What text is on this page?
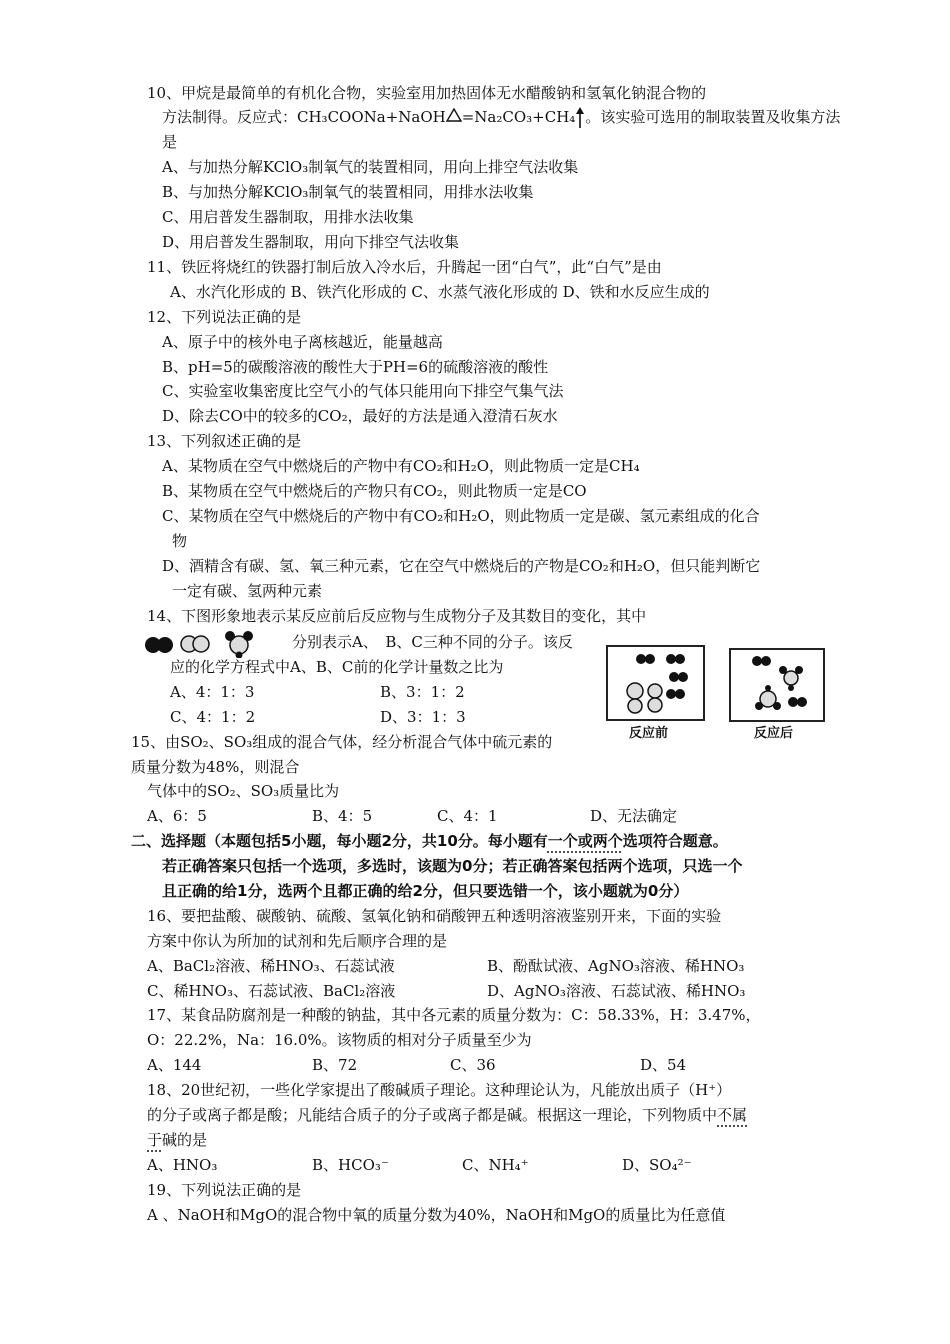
10、甲烷是最简单的有机化合物，实验室用加热固体无水醋酸钠和氢氧化钠混合物的
方法制得。反应式：CH₃COONa+NaOH =Na₂CO₃+CH₄ 。该实验可选用的制取装置及收集方法
是
A、与加热分解KClO₃制氧气的装置相同，用向上排空气法收集
B、与加热分解KClO₃制氧气的装置相同，用排水法收集
C、用启普发生器制取，用排水法收集
D、用启普发生器制取，用向下排空气法收集
11、铁匠将烧红的铁器打制后放入冷水后，升腾起一团“白气”，此“白气”是由
A、水汽化形成的 B、铁汽化形成的 C、水蒸气液化形成的 D、铁和水反应生成的
12、下列说法正确的是
A、原子中的核外电子离核越近，能量越高
B、pH=5的碳酸溶液的酸性大于PH=6的硫酸溶液的酸性
C、实验室收集密度比空气小的气体只能用向下排空气集气法
D、除去CO中的较多的CO₂，最好的方法是通入澄清石灰水
13、下列叙述正确的是
A、某物质在空气中燃烧后的产物中有CO₂和H₂O，则此物质一定是CH₄
B、某物质在空气中燃烧后的产物只有CO₂，则此物质一定是CO
C、某物质在空气中燃烧后的产物中有CO₂和H₂O，则此物质一定是碳、氢元素组成的化合
物
D、酒精含有碳、氢、氧三种元素，它在空气中燃烧后的产物是CO₂和H₂O，但只能判断它
一定有碳、氢两种元素
14、下图形象地表示某反应前后反应物与生成物分子及其数目的变化，其中
分别表示A、　B、C三种不同的分子。该反
应的化学方程式中A、B、C前的化学计量数之比为
A、4：1：3	B、3：1：2
C、4：1：2	D、3：1：3
反应前	反应后
15、由SO₂、SO₃组成的混合气体，经分析混合气体中硫元素的
质量分数为48%，则混合
气体中的SO₂、SO₃质量比为
A、6：5	B、4：5	C、4：1	D、无法确定
二、选择题（本题包括5小题，每小题2分，共10分。每小题有一个或两个选项符合题意。
若正确答案只包括一个选项，多选时，该题为0分；若正确答案包括两个选项，只选一个
且正确的给1分，选两个且都正确的给2分，但只要选错一个，该小题就为0分）
16、要把盐酸、碳酸钠、硫酸、氢氧化钠和硝酸钾五种透明溶液鉴别开来，下面的实验
方案中你认为所加的试剂和先后顺序合理的是
A、BaCl₂溶液、稀HNO₃、石蕊试液	B、酚酞试液、AgNO₃溶液、稀HNO₃
C、稀HNO₃、石蕊试液、BaCl₂溶液	D、AgNO₃溶液、石蕊试液、稀HNO₃
17、某食品防腐剂是一种酸的钠盐，其中各元素的质量分数为：C：58.33%，H：3.47%，
O：22.2%，Na：16.0%。该物质的相对分子质量至少为
A、144	B、72	C、36	D、54
18、20世纪初，一些化学家提出了酸碱质子理论。这种理论认为，凡能放出质子（H⁺）
的分子或离子都是酸；凡能结合质子的分子或离子都是碱。根据这一理论，下列物质中不属
于碱的是
A、HNO₃	B、HCO₃⁻	C、NH₄⁺	D、SO₄²⁻
19、下列说法正确的是
A 、NaOH和MgO的混合物中氧的质量分数为40%，NaOH和MgO的质量比为任意值
